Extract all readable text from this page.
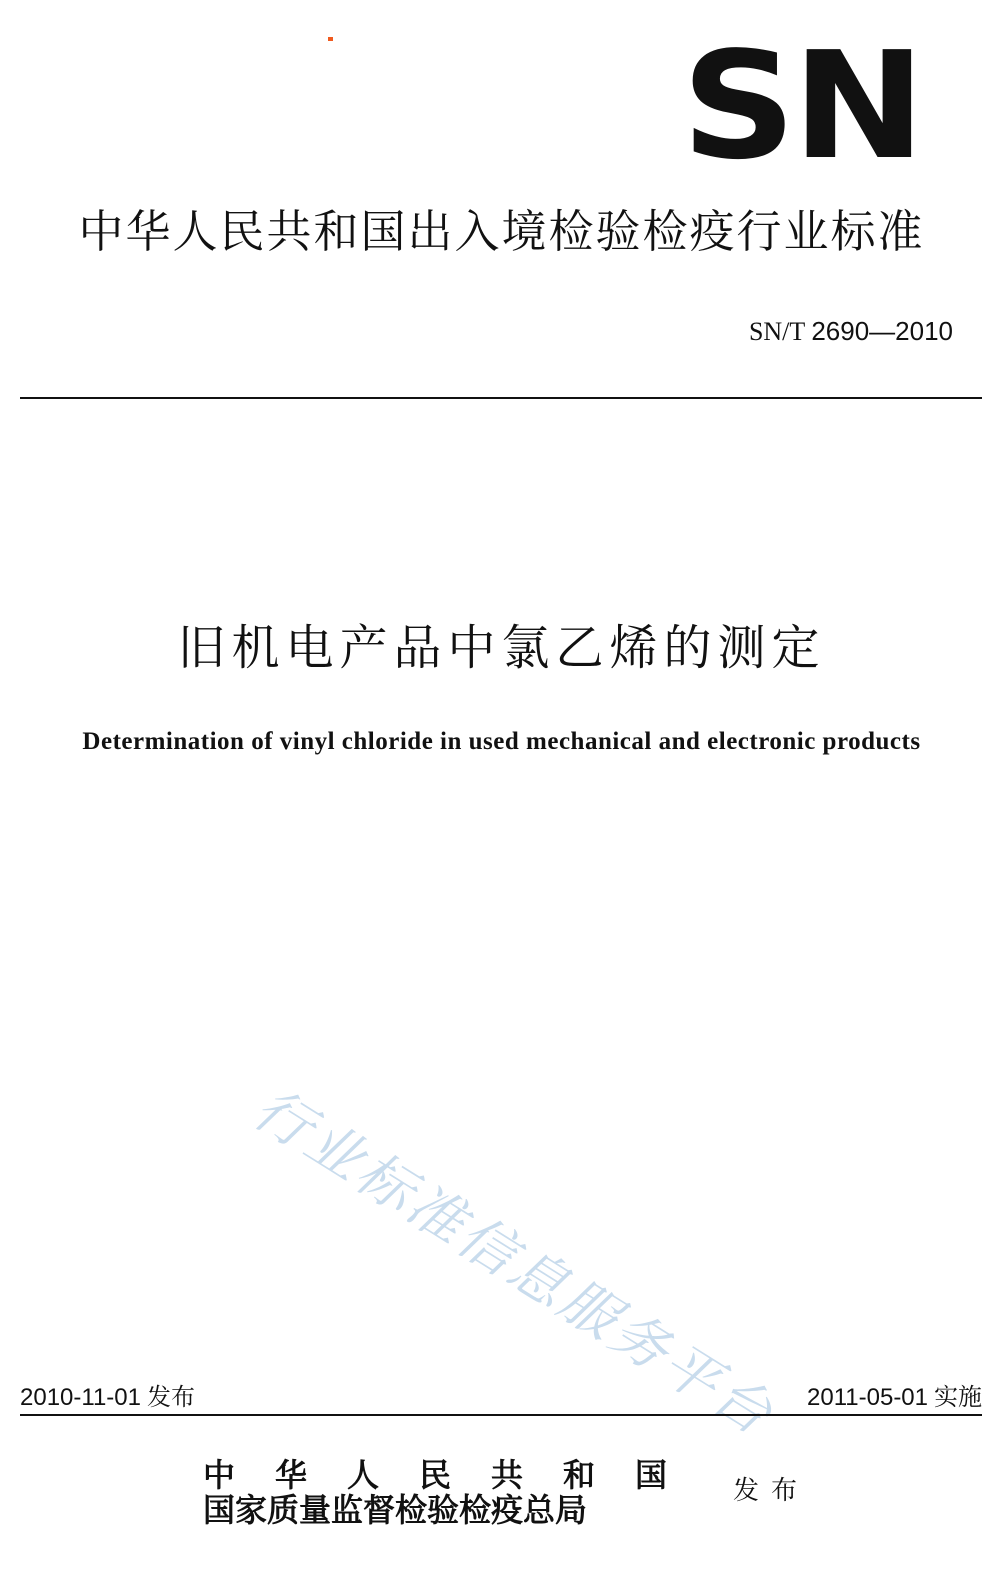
SN
中华人民共和国出入境检验检疫行业标准
SN/T 2690—2010
旧机电产品中氯乙烯的测定
Determination of vinyl chloride in used mechanical and electronic products
行业标准信息服务平台
2010-11-01 发布	2011-05-01 实施
中华人民共和国
国家质量监督检验检疫总局	发布
